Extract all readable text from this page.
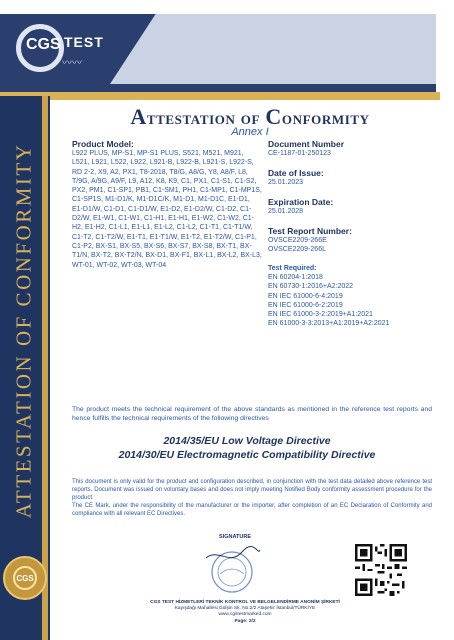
CGS TEST
〰〰
ATTESTATION OF CONFORMITY
CGS
Attestation of Conformity
Annex I
Product Model:
L922 PLUS, MP-S1, MP-S1 PLUS, S521, M521, M921, L521, L921, L522, L922, L921-B, L922-B, L921-S, L922-S, RD 2-2, X9, A2, PX1, T8-2018, T8/G, A8/G, Y8, A8/F, L8, T/9G, A/9G, A9/F, L9, A12, K8, K9, C1, PX1, C1-S1, C1-S2, PX2, PM1, C1-SP1, PB1, C1-SM1, PH1, C1-MP1, C1-MP1S, C1-SP1S, M1-D1/K, M1-D1C/K, M1-D1, M1-D1C, E1-D1, E1-D1/W, C1-D1, C1-D1/W, E1-D2, E1-D2/W, C1-D2, C1-D2/W, E1-W1, C1-W1, C1-H1, E1-H1, E1-W2, C1-W2, C1-H2, E1-H2, C1-L1, E1-L1, E1-L2, C1-L2, C1-T1, C1-T1/W, C1-T2, C1-T2/W, E1-T1, E1-T1/W, E1-T2, E1-T2/W, C1-P1, C1-P2, BX-S1, BX-S5, BX-S6, BX-S7, BX-S8, BX-T1, BX-T1/N, BX-T2, BX-T2/N, BX-D1, BX-F1, BX-L1, BX-L2, BX-L3, WT-01, WT-02, WT-03, WT-04
Document Number
CE-1187-01-250123
Date of Issue:
25.01.2023
Expiration Date:
25.01.2028
Test Report Number:
OVSCE2209-266E
OVSCE2209-266L
Test Required:
EN 60204-1:2018
EN 60730-1:2016+A2:2022
EN IEC 61000-6-4:2019
EN IEC 61000-6-2:2019
EN IEC 61000-3-2:2019+A1:2021
EN 61000-3-3:2013+A1:2019+A2:2021
The product meets the technical requirement of the above standards as mentioned in the reference test reports and hence fulfills the technical requirements of the following directives
2014/35/EU Low Voltage Directive
2014/30/EU Electromagnetic Compatibility Directive

This document is only valid for the product and configuration described, in conjunction with the test data detailed above reference test reports. Document was issued on voluntary bases and does not imply meeting Notified Body conformity assessment procedure for the product.

The CE Mark, under the responsibility of the manufacturer or the importer, after completion of an EC Declaration of Conformity and compliance with all relevant EC Directives.

SIGNATURE
CGS TEST HİZMETLERİ TEKNİK KONTROL VE BELGELENDİRME ANONİM ŞİRKETİ
Kayışdağı Mahallesi Gülşin Sk. No:2/2 Ataşehir İstanbul/TÜRKİYE
www.cgstestmarked.com
Page: 2/2
